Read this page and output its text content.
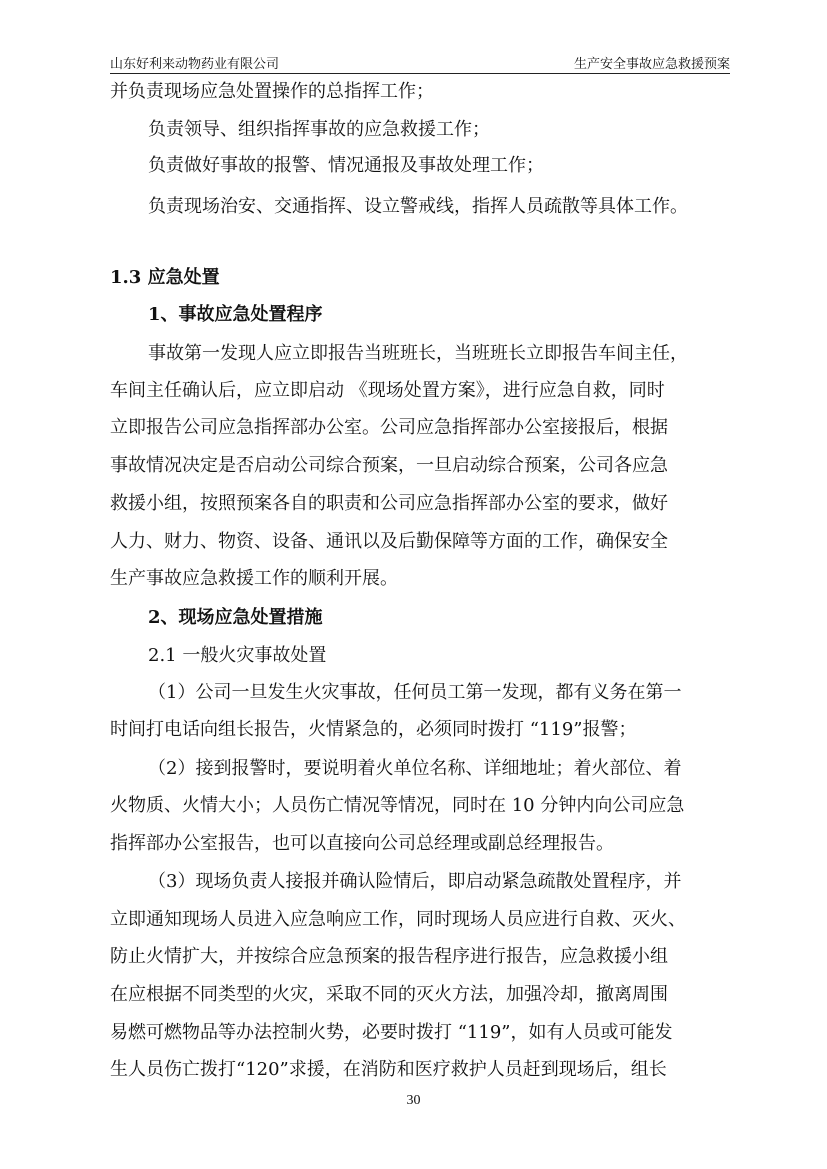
山东好利来动物药业有限公司	生产安全事故应急救援预案
并负责现场应急处置操作的总指挥工作；
负责领导、组织指挥事故的应急救援工作；
负责做好事故的报警、情况通报及事故处理工作；
负责现场治安、交通指挥、设立警戒线，指挥人员疏散等具体工作。
1.3 应急处置
1、事故应急处置程序
事故第一发现人应立即报告当班班长，当班班长立即报告车间主任，
车间主任确认后，应立即启动 《现场处置方案》，进行应急自救，同时
立即报告公司应急指挥部办公室。公司应急指挥部办公室接报后，根据
事故情况决定是否启动公司综合预案，一旦启动综合预案，公司各应急
救援小组，按照预案各自的职责和公司应急指挥部办公室的要求，做好
人力、财力、物资、设备、通讯以及后勤保障等方面的工作，确保安全
生产事故应急救援工作的顺利开展。
2、现场应急处置措施
2.1 一般火灾事故处置
（1）公司一旦发生火灾事故，任何员工第一发现，都有义务在第一
时间打电话向组长报告，火情紧急的，必须同时拨打 “119”报警；
（2）接到报警时，要说明着火单位名称、详细地址；着火部位、着
火物质、火情大小；人员伤亡情况等情况，同时在 10 分钟内向公司应急
指挥部办公室报告，也可以直接向公司总经理或副总经理报告。
（3）现场负责人接报并确认险情后，即启动紧急疏散处置程序，并
立即通知现场人员进入应急响应工作，同时现场人员应进行自救、灭火、
防止火情扩大，并按综合应急预案的报告程序进行报告，应急救援小组
在应根据不同类型的火灾，采取不同的灭火方法，加强冷却，撤离周围
易燃可燃物品等办法控制火势，必要时拨打 “119”，如有人员或可能发
生人员伤亡拨打“120”求援，在消防和医疗救护人员赶到现场后，组长
30
